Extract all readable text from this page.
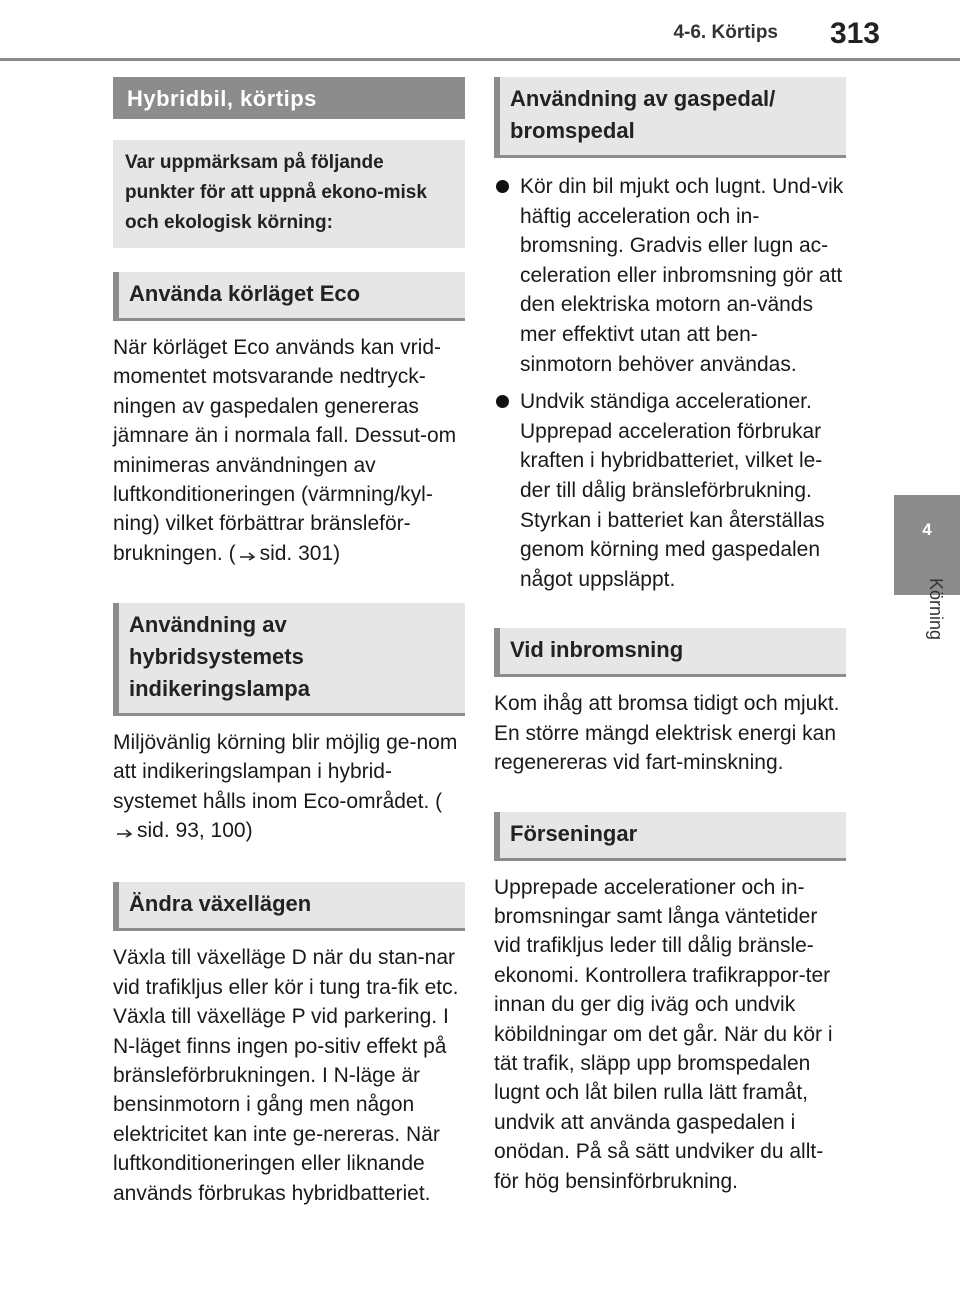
4-6. Körtips 313
4
Körning
Hybridbil, körtips
Var uppmärksam på följande punkter för att uppnå ekono-misk och ekologisk körning:
Använda körläget Eco

När körläget Eco används kan vrid-momentet motsvarande nedtryck-ningen av gaspedalen genereras jämnare än i normala fall. Dessut-om minimeras användningen av luftkonditioneringen (värmning/kyl-ning) vilket förbättrar bränsleför-brukningen. ( sid. 301)

Användning av hybridsystemets indikeringslampa

Miljövänlig körning blir möjlig ge-nom att indikeringslampan i hybrid-systemet hålls inom Eco-området. (sid. 93, 100)

Ändra växellägen

Växla till växelläge D när du stan-nar vid trafikljus eller kör i tung tra-fik etc. Växla till växelläge P vid parkering. I N-läget finns ingen po-sitiv effekt på bränsleförbrukningen. I N-läge är bensinmotorn i gång men någon elektricitet kan inte ge-nereras. När luftkonditioneringen eller liknande används förbrukas hybridbatteriet.

Användning av gaspedal/ bromspedal
Kör din bil mjukt och lugnt. Und-vik häftig acceleration och in-bromsning. Gradvis eller lugn ac-celeration eller inbromsning gör att den elektriska motorn an-vänds mer effektivt utan att ben-sinmotorn behöver användas.
Undvik ständiga accelerationer. Upprepad acceleration förbrukar kraften i hybridbatteriet, vilket le-der till dålig bränsleförbrukning. Styrkan i batteriet kan återställas genom körning med gaspedalen något uppsläppt.
Vid inbromsning

Kom ihåg att bromsa tidigt och mjukt. En större mängd elektrisk energi kan regenereras vid fart-minskning.

Förseningar

Upprepade accelerationer och in-bromsningar samt långa väntetider vid trafikljus leder till dålig bränsle-ekonomi. Kontrollera trafikrappor-ter innan du ger dig iväg och undvik köbildningar om det går. När du kör i tät trafik, släpp upp bromspedalen lugnt och låt bilen rulla lätt framåt, undvik att använda gaspedalen i onödan. På så sätt undviker du allt-för hög bensinförbrukning.
